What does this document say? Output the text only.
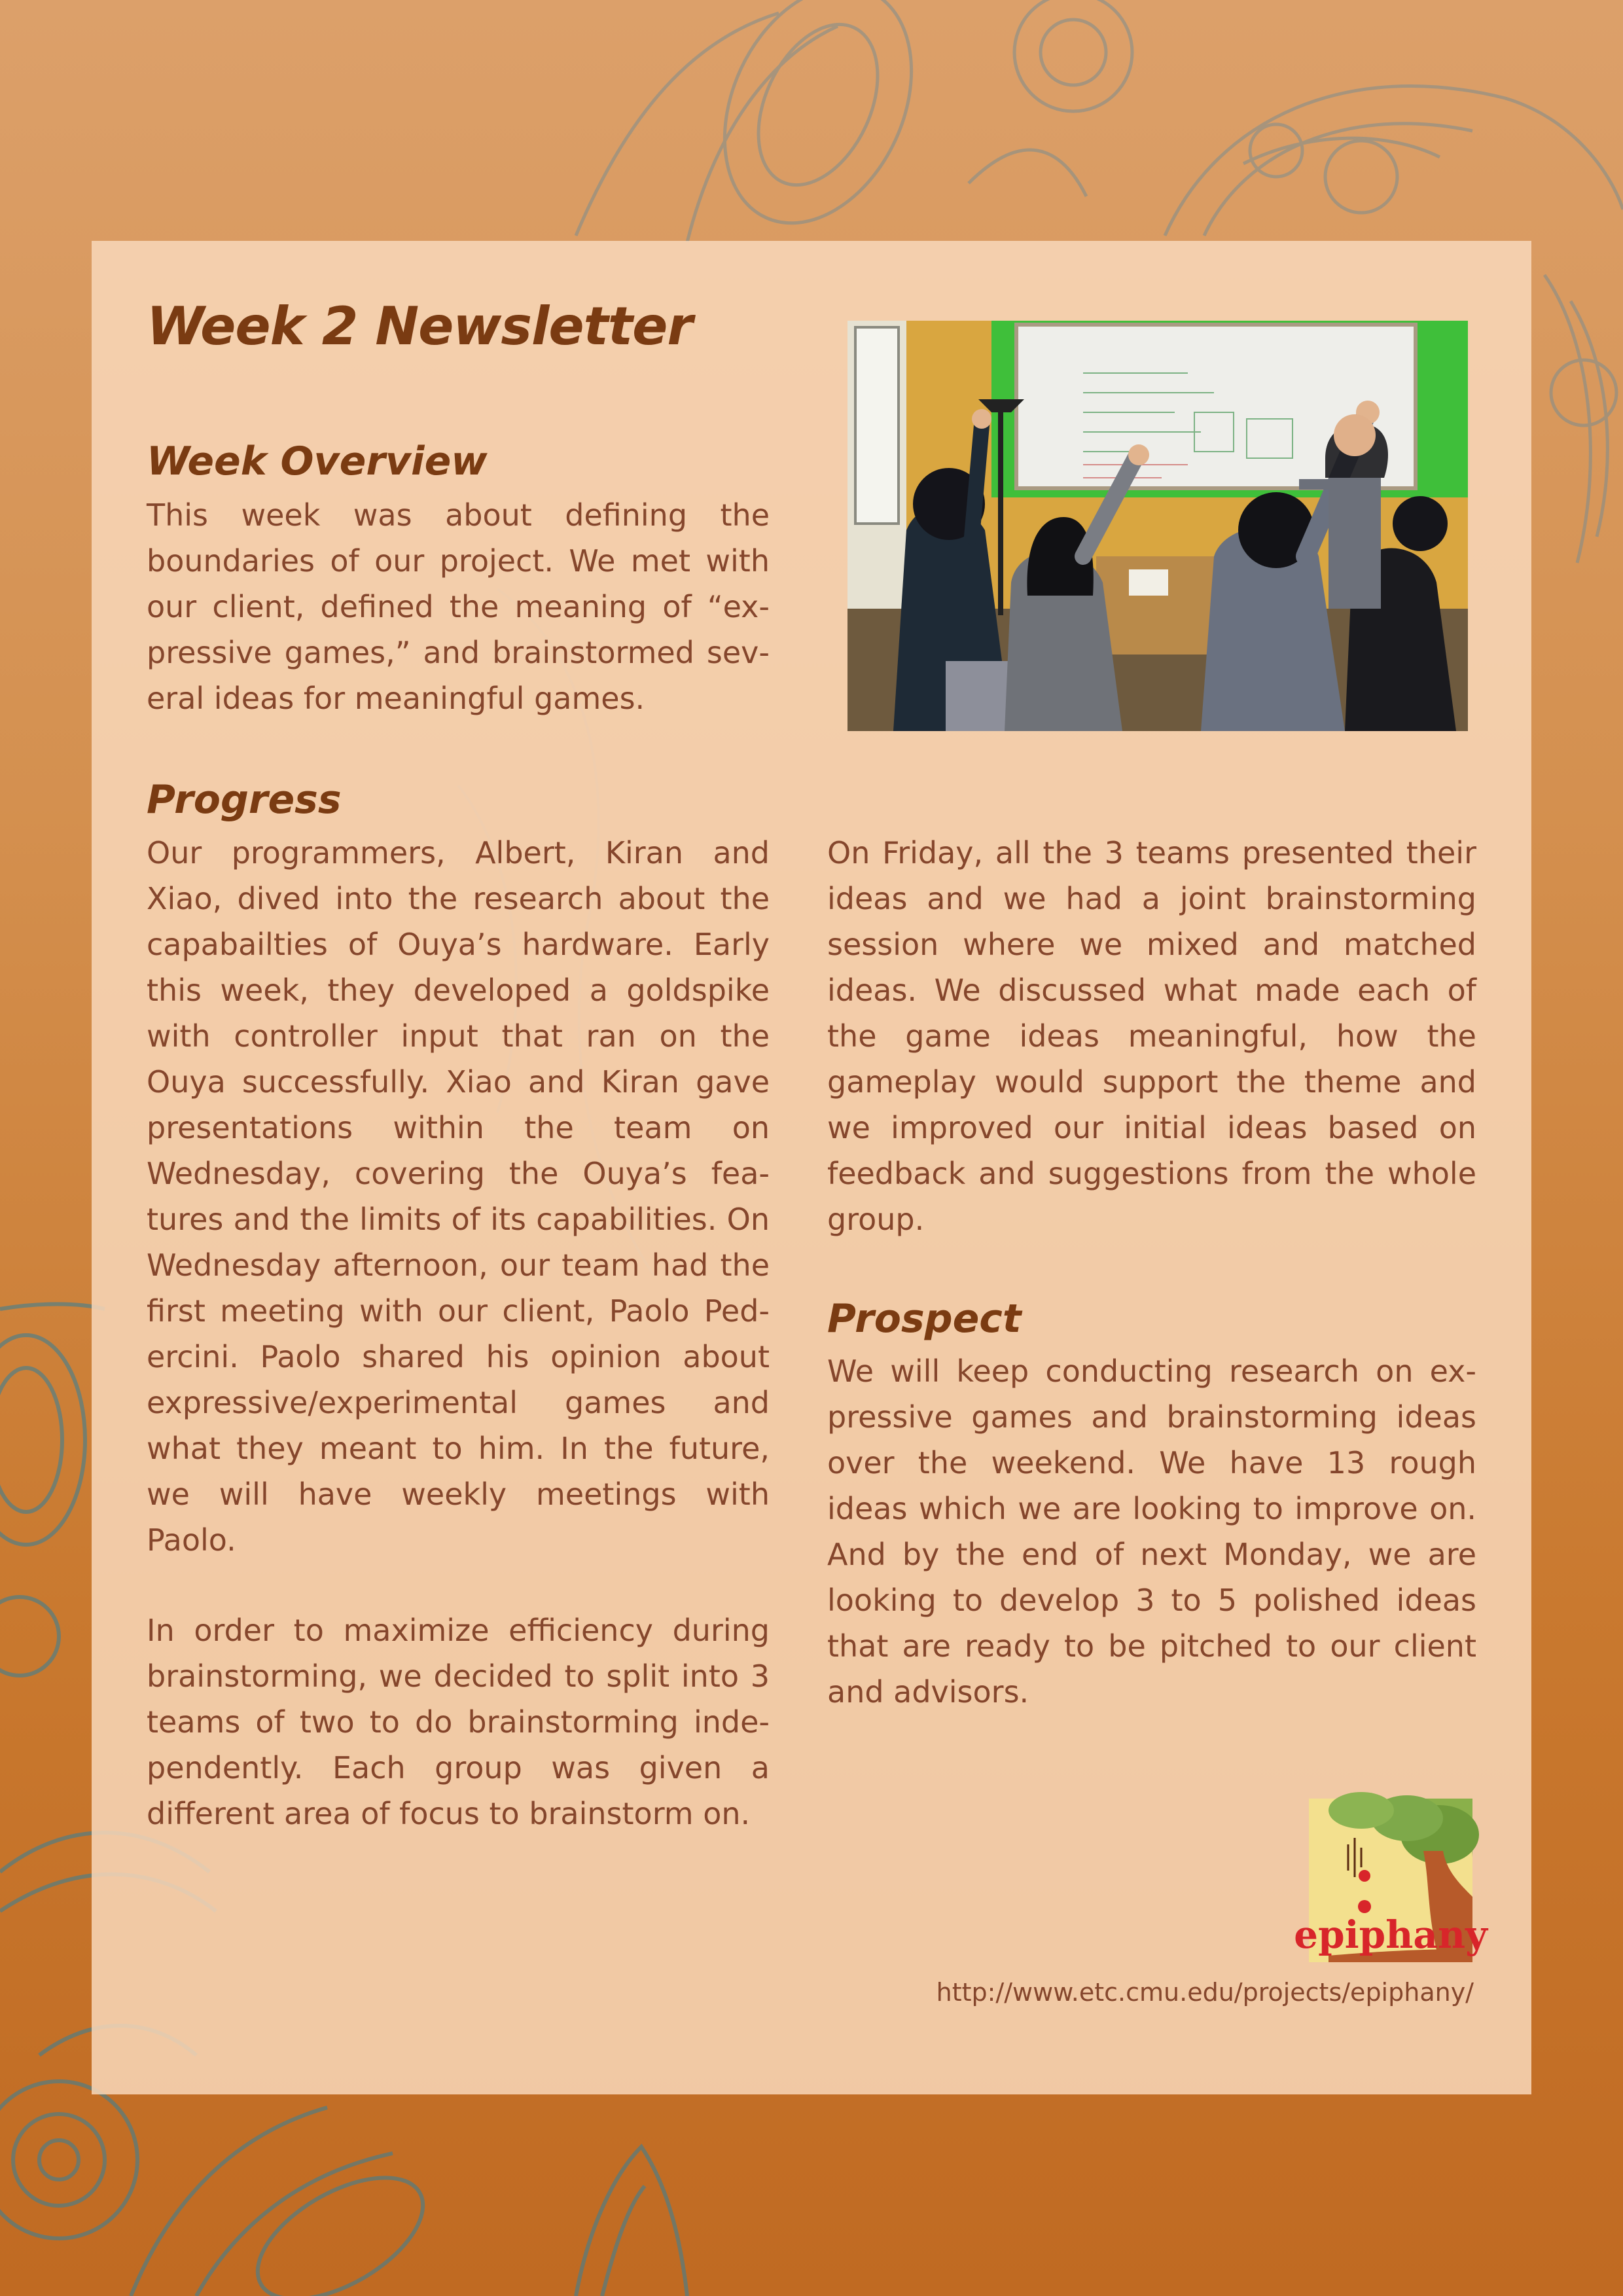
Week 2 Newsletter
Week Overview

This week was about defining the boundaries of our project. We met with our client, defined the meaning of “expressive games,” and brainstormed several ideas for meaningful games.

Progress

Our programmers, Albert, Kiran and Xiao, dived into the research about the capabailties of Ouya’s hardware. Early this week, they developed a goldspike with controller input that ran on the Ouya successfully. Xiao and Kiran gave presentations within the team on Wednesday, covering the Ouya’s features and the limits of its capabilities. On Wednesday afternoon, our team had the first meeting with our client, Paolo Pedercini. Paolo shared his opinion about expressive/experimental games and what they meant to him. In the future, we will have weekly meetings with Paolo.

In order to maximize efficiency during brainstorming, we decided to split into 3 teams of two to do brainstorming independently. Each group was given a different area of focus to brainstorm on.

On Friday, all the 3 teams presented their ideas and we had a joint brainstorming session where we mixed and matched ideas. We discussed what made each of the game ideas meaningful, how the gameplay would support the theme and we improved our initial ideas based on feedback and suggestions from the whole group.

Prospect

We will keep conducting research on expressive games and brainstorming ideas over the weekend. We have 13 rough ideas which we are looking to improve on. And by the end of next Monday, we are looking to develop 3 to 5 polished ideas that are ready to be pitched to our client and advisors.

epiphany

http://www.etc.cmu.edu/projects/epiphany/
